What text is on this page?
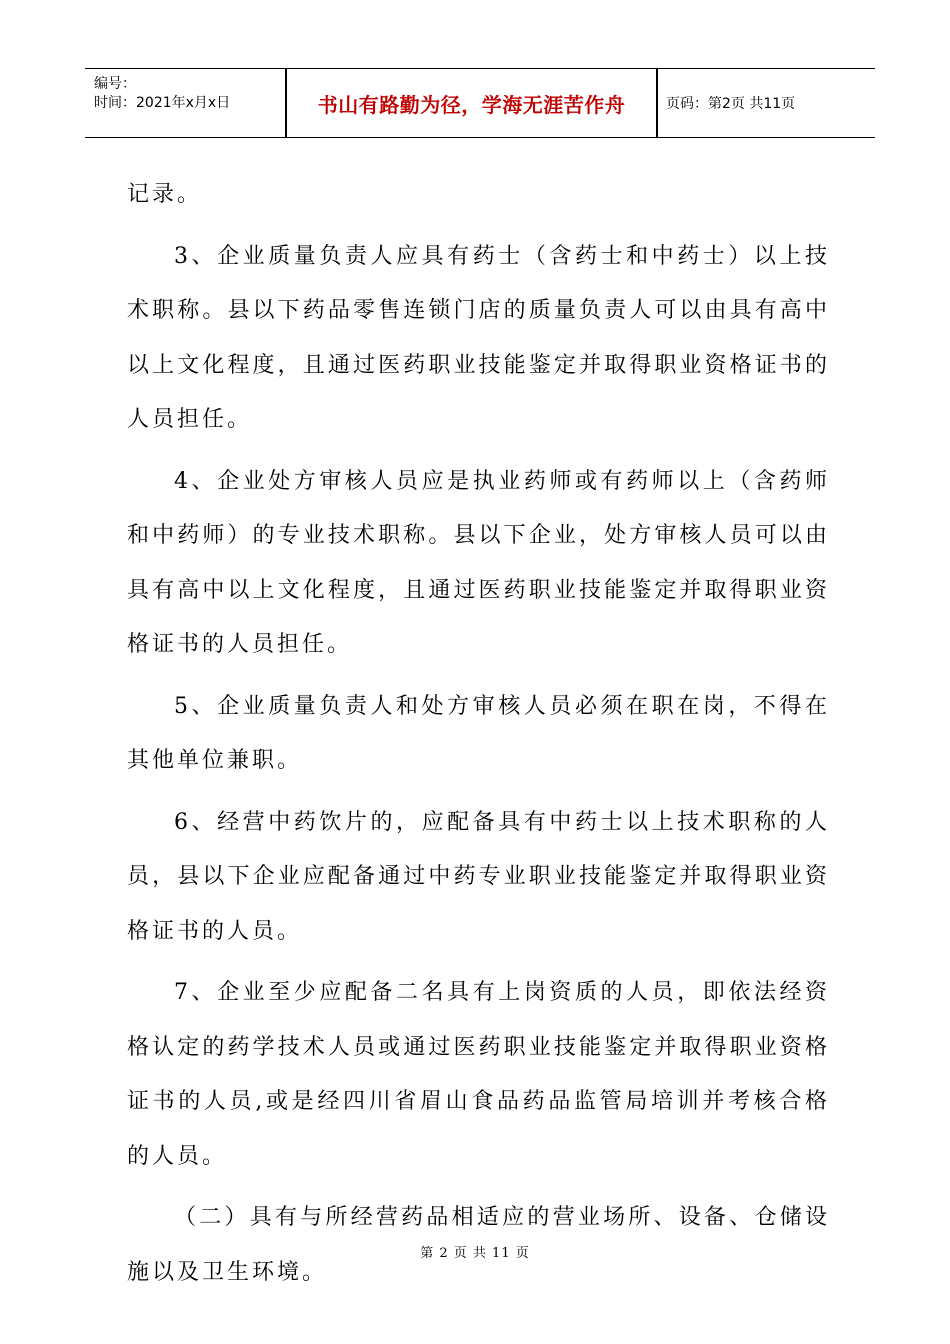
编号：
时间：2021年x月x日	书山有路勤为径，学海无涯苦作舟	页码：第2页 共11页

记录。

3、企业质量负责人应具有药士（含药士和中药士）以上技术职称。县以下药品零售连锁门店的质量负责人可以由具有高中以上文化程度，且通过医药职业技能鉴定并取得职业资格证书的人员担任。

4、企业处方审核人员应是执业药师或有药师以上（含药师和中药师）的专业技术职称。县以下企业，处方审核人员可以由具有高中以上文化程度，且通过医药职业技能鉴定并取得职业资格证书的人员担任。

5、企业质量负责人和处方审核人员必须在职在岗，不得在其他单位兼职。

6、经营中药饮片的，应配备具有中药士以上技术职称的人员，县以下企业应配备通过中药专业职业技能鉴定并取得职业资格证书的人员。

7、企业至少应配备二名具有上岗资质的人员，即依法经资格认定的药学技术人员或通过医药职业技能鉴定并取得职业资格证书的人员,或是经四川省眉山食品药品监管局培训并考核合格的人员。

（二）具有与所经营药品相适应的营业场所、设备、仓储设施以及卫生环境。

第 2 页 共 11 页
